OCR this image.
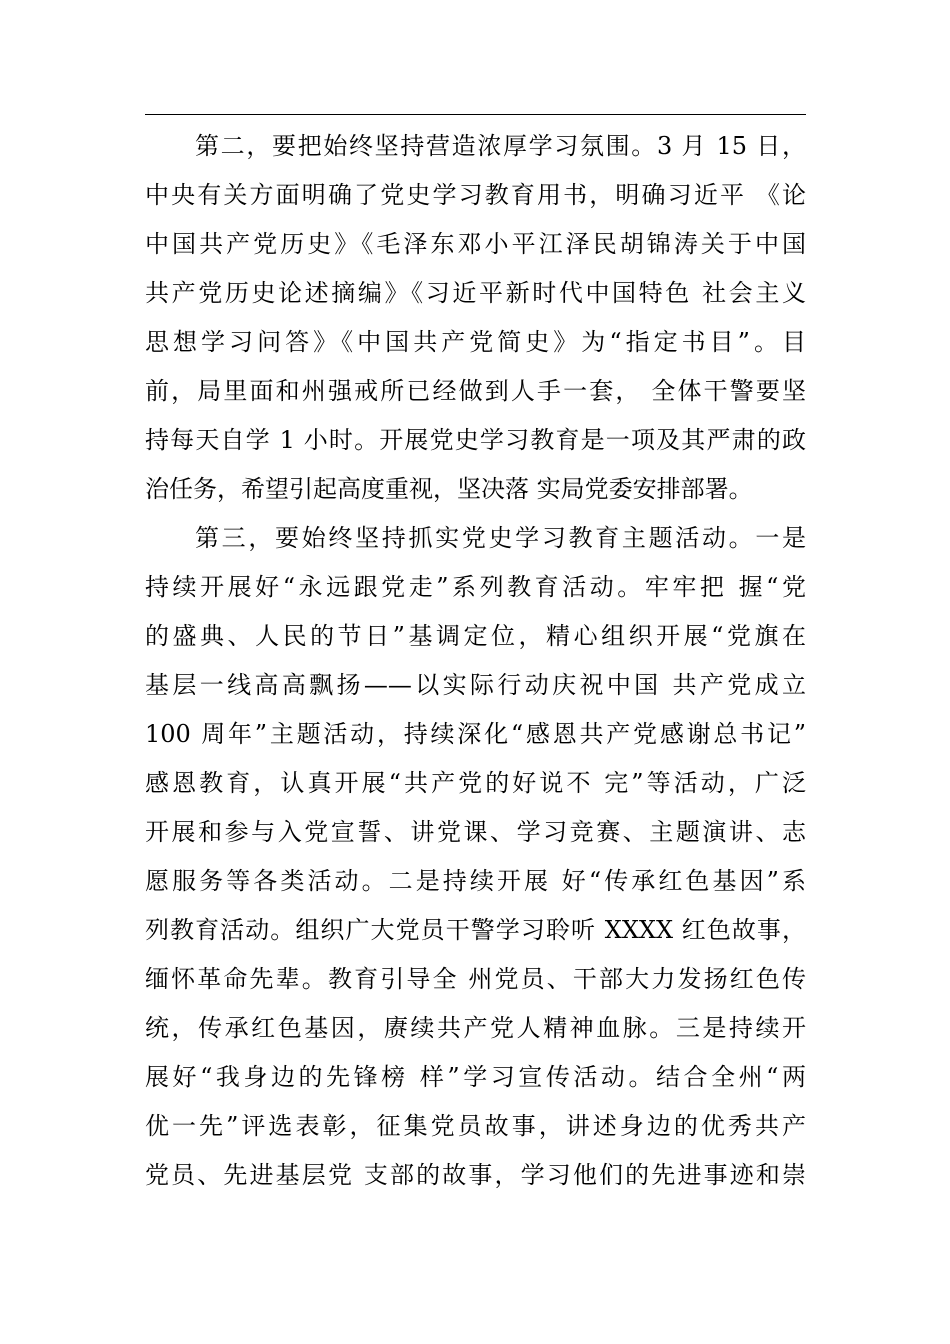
第二，要把始终坚持营造浓厚学习氛围。3 月 15 日，
中央有关方面明确了党史学习教育用书，明确习近平 《论
中国共产党历史》《毛泽东邓小平江泽民胡锦涛关于中国
共产党历史论述摘编》《习近平新时代中国特色 社会主义
思想学习问答》《中国共产党简史》为“指定书目”。目
前，局里面和州强戒所已经做到人手一套， 全体干警要坚
持每天自学 1 小时。开展党史学习教育是一项及其严肃的政
治任务，希望引起高度重视，坚决落 实局党委安排部署。
第三，要始终坚持抓实党史学习教育主题活动。一是
持续开展好“永远跟党走”系列教育活动。牢牢把 握“党
的盛典、人民的节日”基调定位，精心组织开展“党旗在
基层一线高高飘扬——以实际行动庆祝中国 共产党成立
100 周年”主题活动，持续深化“感恩共产党感谢总书记”
感恩教育，认真开展“共产党的好说不 完”等活动，广泛
开展和参与入党宣誓、讲党课、学习竞赛、主题演讲、志
愿服务等各类活动。二是持续开展 好“传承红色基因”系
列教育活动。组织广大党员干警学习聆听 XXXX 红色故事，
缅怀革命先辈。教育引导全 州党员、干部大力发扬红色传
统，传承红色基因，赓续共产党人精神血脉。三是持续开
展好“我身边的先锋榜 样”学习宣传活动。结合全州“两
优一先”评选表彰，征集党员故事，讲述身边的优秀共产
党员、先进基层党 支部的故事，学习他们的先进事迹和崇
